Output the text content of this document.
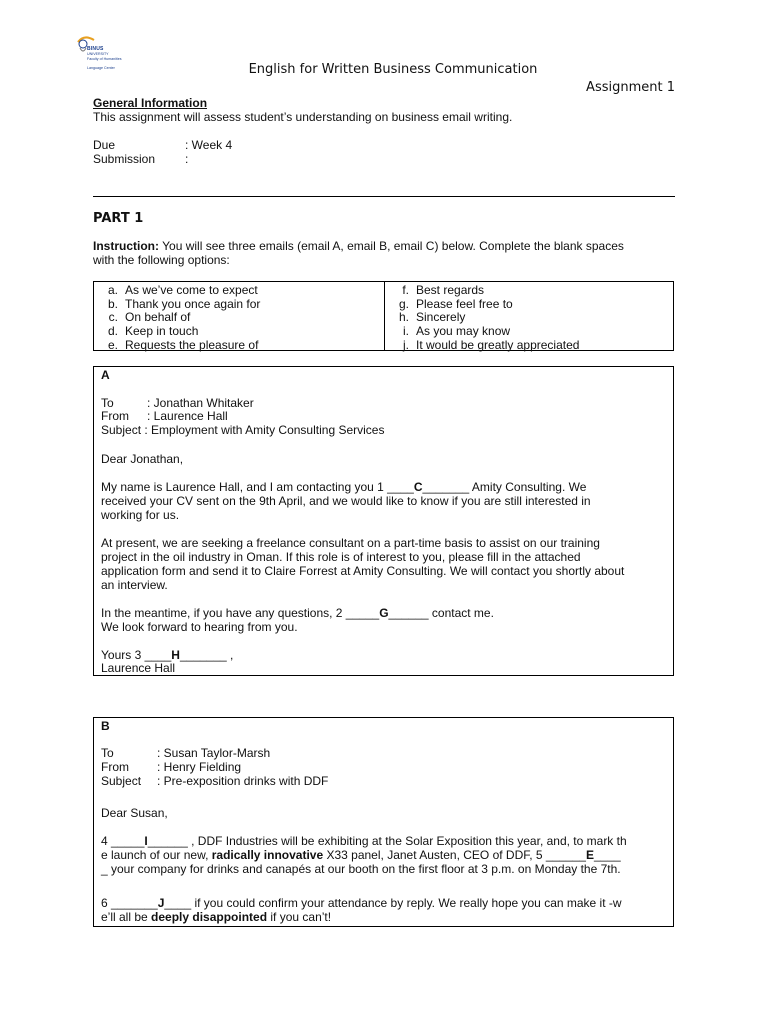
BINUS
UNIVERSITY
Faculty of Humanities
Language Center	English for Written Business Communication
Assignment 1
General Information
This assignment will assess student’s understanding on business email writing.
Due	: Week 4
Submission :
PART 1
Instruction: You will see three emails (email A, email B, email C) below. Complete the blank spaces
with the following options:
a. As we’ve come to expect
b. Thank you once again for
c. On behalf of
d. Keep in touch
e. Requests the pleasure of
f. Best regards
g. Please feel free to
h. Sincerely
i. As you may know
j. It would be greatly appreciated
A
To	: Jonathan Whitaker
From : Laurence Hall
Subject : Employment with Amity Consulting Services
Dear Jonathan,
My name is Laurence Hall, and I am contacting you 1 ____C_______ Amity Consulting. We
received your CV sent on the 9th April, and we would like to know if you are still interested in
working for us.
At present, we are seeking a freelance consultant on a part-time basis to assist on our training
project in the oil industry in Oman. If this role is of interest to you, please fill in the attached
application form and send it to Claire Forrest at Amity Consulting. We will contact you shortly about
an interview.
In the meantime, if you have any questions, 2 _____G______ contact me.
We look forward to hearing from you.
Yours 3 ____H_______ ,
Laurence Hall
B
To	: Susan Taylor-Marsh
From : Henry Fielding
Subject : Pre-exposition drinks with DDF
Dear Susan,
4 _____I______ , DDF Industries will be exhibiting at the Solar Exposition this year, and, to mark th
e launch of our new, radically innovative X33 panel, Janet Austen, CEO of DDF, 5 ______E____
_ your company for drinks and canapés at our booth on the first floor at 3 p.m. on Monday the 7th.
6 _______J____ if you could confirm your attendance by reply. We really hope you can make it -w
e’ll all be deeply disappointed if you can’t!
